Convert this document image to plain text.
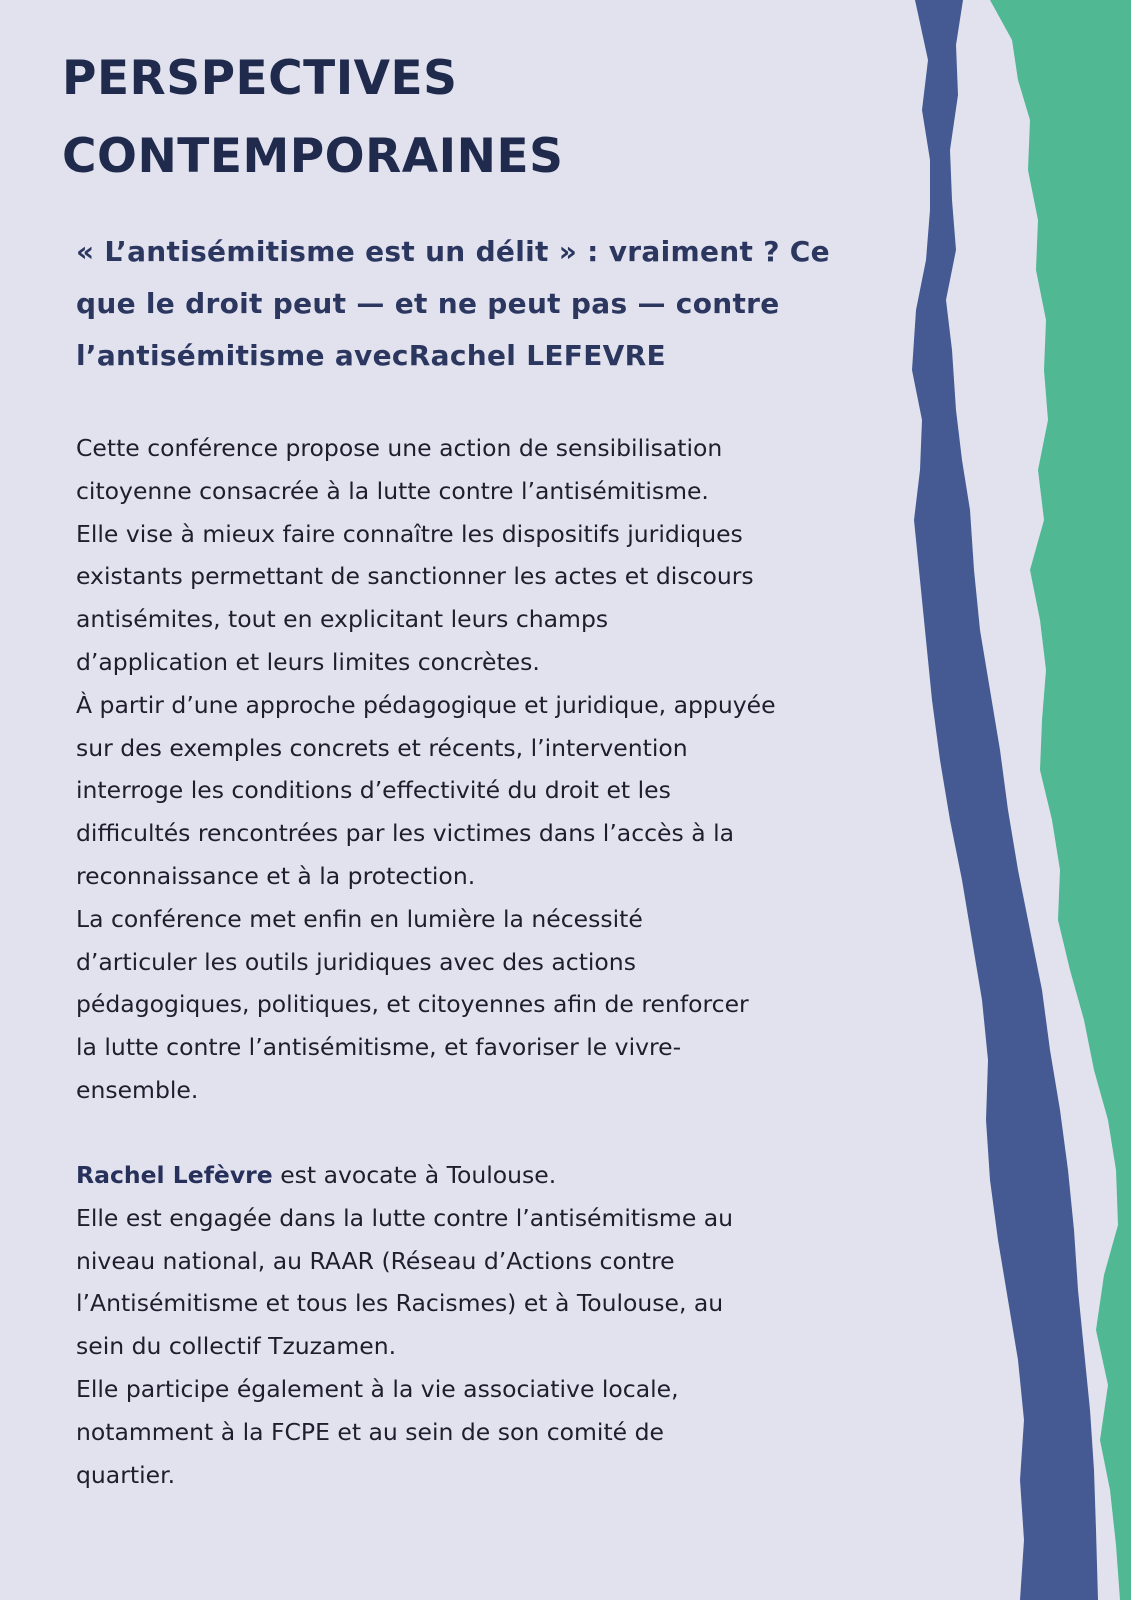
PERSPECTIVES
CONTEMPORAINES
« L’antisémitisme est un délit » : vraiment ? Ce
que le droit peut — et ne peut pas — contre
l’antisémitisme avecRachel LEFEVRE
Cette conférence propose une action de sensibilisation
citoyenne consacrée à la lutte contre l’antisémitisme.
Elle vise à mieux faire connaître les dispositifs juridiques
existants permettant de sanctionner les actes et discours
antisémites, tout en explicitant leurs champs
d’application et leurs limites concrètes.
À partir d’une approche pédagogique et juridique, appuyée
sur des exemples concrets et récents, l’intervention
interroge les conditions d’effectivité du droit et les
difficultés rencontrées par les victimes dans l’accès à la
reconnaissance et à la protection.
La conférence met enfin en lumière la nécessité
d’articuler les outils juridiques avec des actions
pédagogiques, politiques, et citoyennes afin de renforcer
la lutte contre l’antisémitisme, et favoriser le vivre-
ensemble.
Rachel Lefèvre est avocate à Toulouse.
Elle est engagée dans la lutte contre l’antisémitisme au
niveau national, au RAAR (Réseau d’Actions contre
l’Antisémitisme et tous les Racismes) et à Toulouse, au
sein du collectif Tzuzamen.
Elle participe également à la vie associative locale,
notamment à la FCPE et au sein de son comité de
quartier.
